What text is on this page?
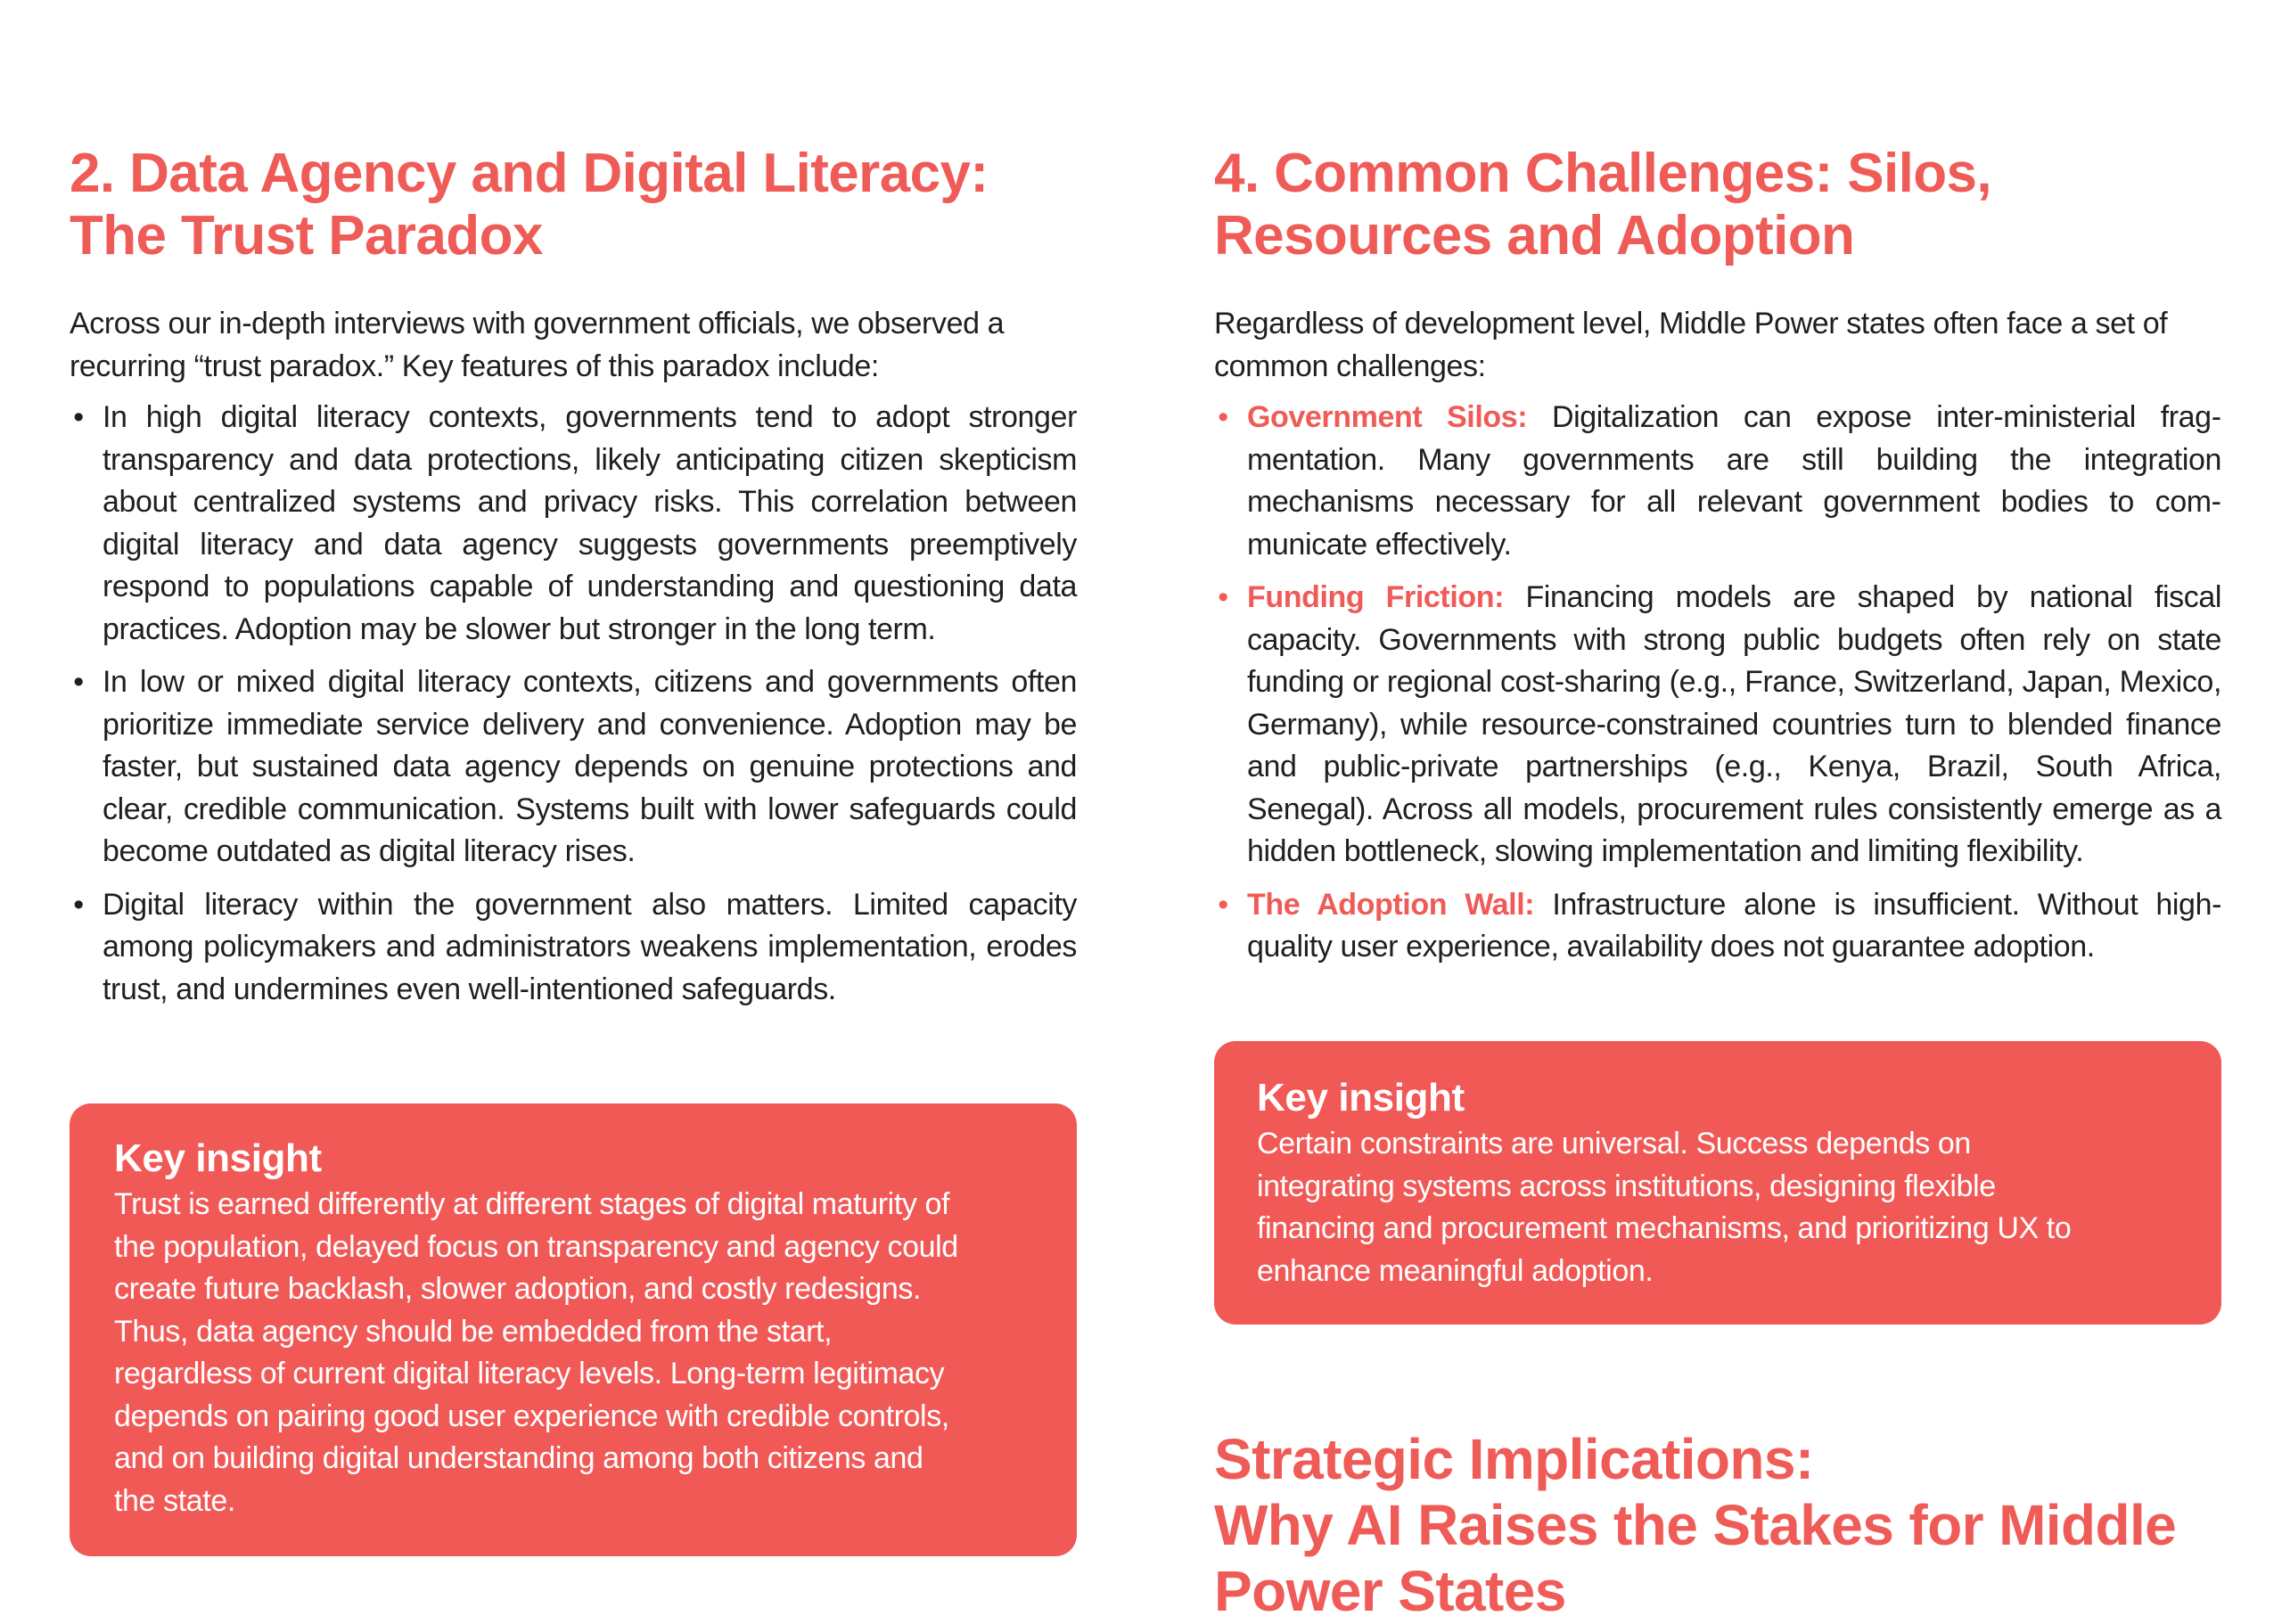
2. Data Agency and Digital Literacy:
The Trust Paradox

Across our in-depth interviews with government officials, we observed a recurring “trust paradox.” Key features of this paradox include:

• In high digital literacy contexts, governments tend to adopt stronger transparency and data protections, likely anticipating citizen skepticism about centralized systems and privacy risks. This correlation between digital literacy and data agency suggests governments preemptively respond to populations capable of understanding and questioning data practices. Adoption may be slower but stronger in the long term.
• In low or mixed digital literacy contexts, citizens and governments often prioritize immediate service delivery and convenience. Adoption may be faster, but sustained data agency depends on genuine protections and clear, credible communication. Systems built with lower safeguards could become outdated as digital literacy rises.
• Digital literacy within the government also matters. Limited capacity among policymakers and administrators weakens implementation, erodes trust, and undermines even well-intentioned safeguards.
Key insight
Trust is earned differently at different stages of digital maturity of
the population, delayed focus on transparency and agency could
create future backlash, slower adoption, and costly redesigns.
Thus, data agency should be embedded from the start,
regardless of current digital literacy levels. Long-term legitimacy
depends on pairing good user experience with credible controls,
and on building digital understanding among both citizens and
the state.
4. Common Challenges: Silos,
Resources and Adoption

Regardless of development level, Middle Power states often face a set of common challenges:

• Government Silos: Digitalization can expose inter-ministerial fragmentation. Many governments are still building the integration mechanisms necessary for all relevant government bodies to communicate effectively.
• Funding Friction: Financing models are shaped by national fiscal capacity. Governments with strong public budgets often rely on state funding or regional cost-sharing (e.g., France, Switzerland, Japan, Mexico, Germany), while resource-constrained countries turn to blended finance and public-private partnerships (e.g., Kenya, Brazil, South Africa, Senegal). Across all models, procurement rules consistently emerge as a hidden bottleneck, slowing implementation and limiting flexibility.
• The Adoption Wall: Infrastructure alone is insufficient. Without high-quality user experience, availability does not guarantee adoption.
Key insight
Certain constraints are universal. Success depends on
integrating systems across institutions, designing flexible
financing and procurement mechanisms, and prioritizing UX to
enhance meaningful adoption.
Strategic Implications:
Why AI Raises the Stakes for Middle
Power States
